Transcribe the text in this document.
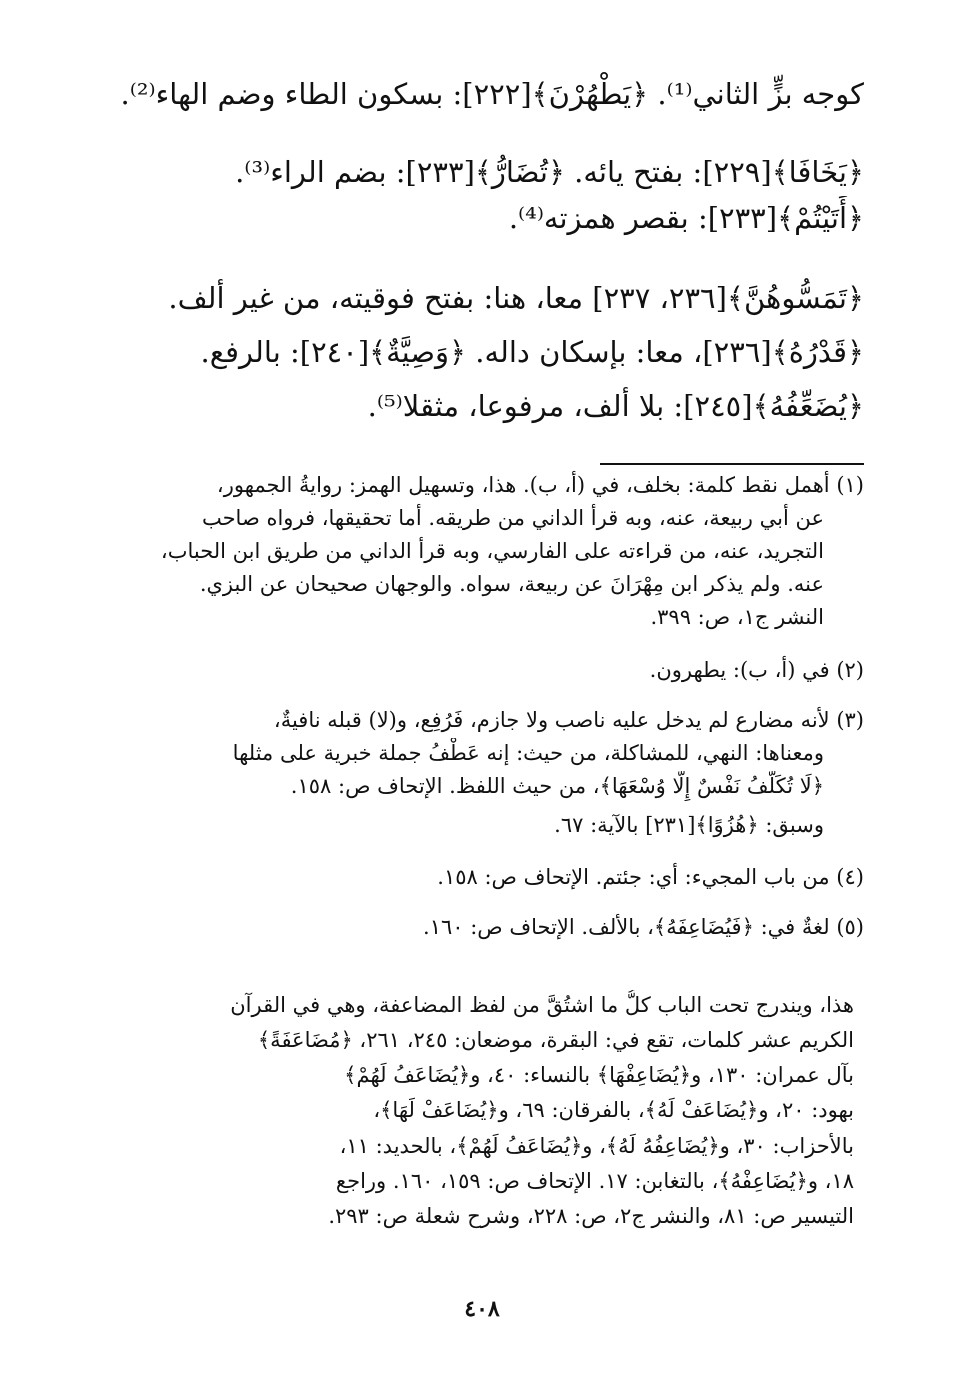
كوجه بزٍّ الثاني⁽¹⁾. ﴿يَطْهُرْنَ﴾[٢٢٢]: بسكون الطاء وضم الهاء⁽²⁾.
﴿يَخَافَا﴾[٢٢٩]: بفتح يائه. ﴿تُضَارُّ﴾[٢٣٣]: بضم الراء⁽³⁾.
﴿أَتَيْتُمْ﴾[٢٣٣]: بقصر همزته⁽⁴⁾.
﴿تَمَسُّوهُنَّ﴾[٢٣٦، ٢٣٧] معا، هنا: بفتح فوقيته، من غير ألف.
﴿قَدْرُهُ﴾[٢٣٦]، معا: بإسكان داله. ﴿وَصِيَّةٌ﴾[٢٤٠]: بالرفع.
﴿يُضَعِّفُهُ﴾[٢٤٥]: بلا ألف، مرفوعا، مثقلا⁽⁵⁾.
(١) أهمل نقط كلمة: بخلف، في (أ، ب). هذا، وتسهيل الهمز: روايةُ الجمهور،
عن أبي ربيعة، عنه، وبه قرأ الداني من طريقه. أما تحقيقها، فرواه صاحب
التجريد، عنه، من قراءته على الفارسي، وبه قرأ الداني من طريق ابن الحباب،
عنه. ولم يذكر ابن مِهْرَانَ عن ربيعة، سواه. والوجهان صحيحان عن البزي.
النشر ج١، ص: ٣٩٩.
(٢) في (أ، ب): يطهرون.
(٣) لأنه مضارع لم يدخل عليه ناصب ولا جازم، فَرُفِع، و(لا) قبله نافيةٌ،
ومعناها: النهي، للمشاكلة، من حيث: إنه عَطْفُ جملة خبرية على مثلها
﴿لَا تُكَلَّفُ نَفْسٌ إِلَّا وُسْعَهَا﴾، من حيث اللفظ. الإتحاف ص: ١٥٨.
وسبق: ﴿هُزُوًا﴾[٢٣١] بالآية: ٦٧.
(٤) من باب المجيء: أي: جئتم. الإتحاف ص: ١٥٨.
(٥) لغةٌ في: ﴿فَيُضَاعِفَهُ﴾، بالألف. الإتحاف ص: ١٦٠.
هذا، ويندرج تحت الباب كلُّ ما اشتُقَّ من لفظ المضاعفة، وهي في القرآن
الكريم عشر كلمات، تقع في: البقرة، موضعان: ٢٤٥، ٢٦١، ﴿مُضَاعَفَةً﴾
بآل عمران: ١٣٠، و﴿يُضَاعِفْهَا﴾ بالنساء: ٤٠، و﴿يُضَاعَفُ لَهُمْ﴾
بهود: ٢٠، و﴿يُضَاعَفْ لَهُ﴾، بالفرقان: ٦٩، و﴿يُضَاعَفْ لَهَا﴾،
بالأحزاب: ٣٠، و﴿يُضَاعِفُهُ لَهُ﴾، و﴿يُضَاعَفُ لَهُمْ﴾، بالحديد: ١١،
١٨، و﴿يُضَاعِفْهُ﴾، بالتغابن: ١٧. الإتحاف ص: ١٥٩، ١٦٠. وراجع
التيسير ص: ٨١، والنشر ج٢، ص: ٢٢٨، وشرح شعلة ص: ٢٩٣.
٤٠٨
